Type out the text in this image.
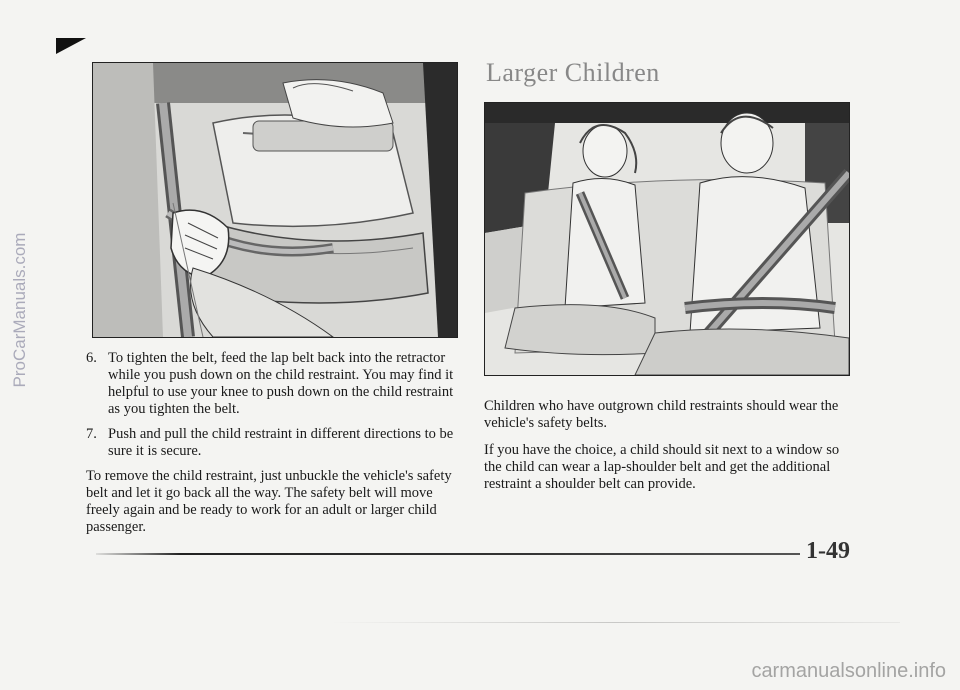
Larger Children
6. To tighten the belt, feed the lap belt back into the retractor while you push down on the child restraint. You may find it helpful to use your knee to push down on the child restraint as you tighten the belt.
7. Push and pull the child restraint in different directions to be sure it is secure.

To remove the child restraint, just unbuckle the vehicle's safety belt and let it go back all the way. The safety belt will move freely again and be ready to work for an adult or larger child passenger.

Children who have outgrown child restraints should wear the vehicle's safety belts.

If you have the choice, a child should sit next to a window so the child can wear a lap-shoulder belt and get the additional restraint a shoulder belt can provide.

1-49
ProCarManuals.com
carmanualsonline.info
